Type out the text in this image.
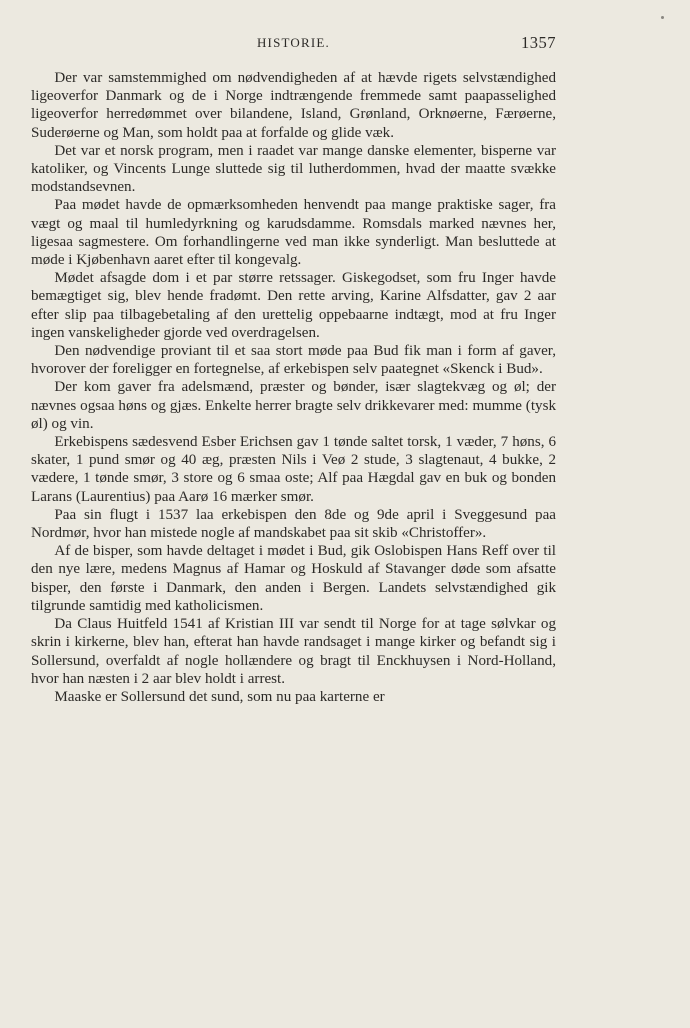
HISTORIE.	1357

Der var samstemmighed om nødvendigheden af at hævde rigets selvstændighed ligeoverfor Danmark og de i Norge indtrængende fremmede samt paapasselighed ligeoverfor herredømmet over bilandene, Island, Grønland, Orknøerne, Færøerne, Suderøerne og Man, som holdt paa at forfalde og glide væk.

Det var et norsk program, men i raadet var mange danske elementer, bisperne var katoliker, og Vincents Lunge sluttede sig til lutherdommen, hvad der maatte svække modstandsevnen.

Paa mødet havde de opmærksomheden henvendt paa mange praktiske sager, fra vægt og maal til humledyrkning og karudsdamme. Romsdals marked nævnes her, ligesaa sagmestere. Om forhandlingerne ved man ikke synderligt. Man besluttede at møde i Kjøbenhavn aaret efter til kongevalg.

Mødet afsagde dom i et par større retssager. Giskegodset, som fru Inger havde bemægtiget sig, blev hende fradømt. Den rette arving, Karine Alfsdatter, gav 2 aar efter slip paa tilbagebetaling af den urettelig oppebaarne indtægt, mod at fru Inger ingen vanskeligheder gjorde ved overdragelsen.

Den nødvendige proviant til et saa stort møde paa Bud fik man i form af gaver, hvorover der foreligger en fortegnelse, af erkebispen selv paategnet «Skenck i Bud».

Der kom gaver fra adelsmænd, præster og bønder, især slagtekvæg og øl; der nævnes ogsaa høns og gjæs. Enkelte herrer bragte selv drikkevarer med: mumme (tysk øl) og vin.

Erkebispens sædesvend Esber Erichsen gav 1 tønde saltet torsk, 1 væder, 7 høns, 6 skater, 1 pund smør og 40 æg, præsten Nils i Veø 2 stude, 3 slagtenaut, 4 bukke, 2 vædere, 1 tønde smør, 3 store og 6 smaa oste; Alf paa Hægdal gav en buk og bonden Larans (Laurentius) paa Aarø 16 mærker smør.

Paa sin flugt i 1537 laa erkebispen den 8de og 9de april i Sveggesund paa Nordmør, hvor han mistede nogle af mandskabet paa sit skib «Christoffer».

Af de bisper, som havde deltaget i mødet i Bud, gik Oslobispen Hans Reff over til den nye lære, medens Magnus af Hamar og Hoskuld af Stavanger døde som afsatte bisper, den første i Danmark, den anden i Bergen. Landets selvstændighed gik tilgrunde samtidig med katholicismen.

Da Claus Huitfeld 1541 af Kristian III var sendt til Norge for at tage sølvkar og skrin i kirkerne, blev han, efterat han havde randsaget i mange kirker og befandt sig i Sollersund, overfaldt af nogle hollændere og bragt til Enckhuysen i Nord-Holland, hvor han næsten i 2 aar blev holdt i arrest.

Maaske er Sollersund det sund, som nu paa karterne er
